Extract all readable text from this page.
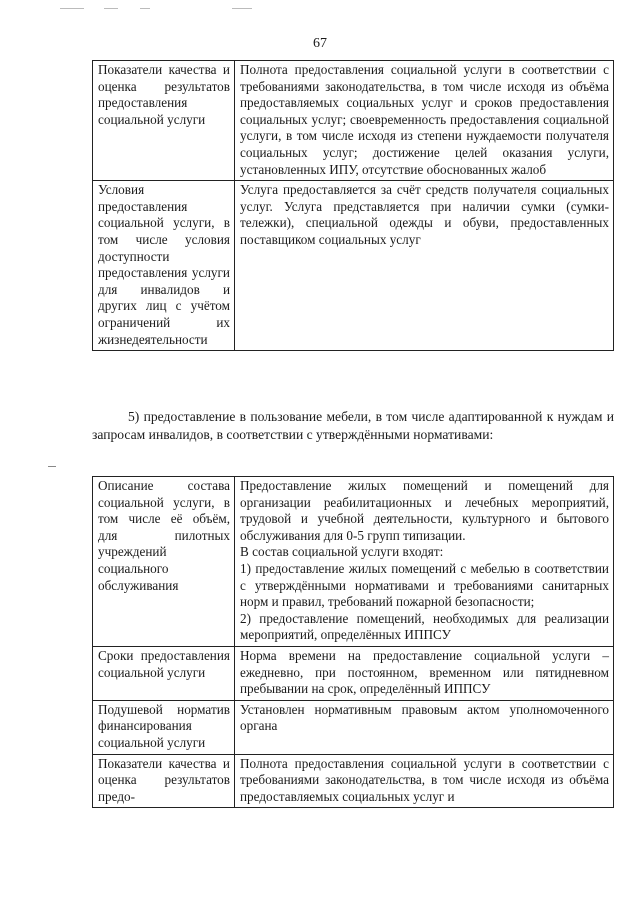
67
Показатели качества и оценка результатов предоставления социальной услуги	Полнота предоставления социальной услуги в соответствии с требованиями законодательства, в том числе исходя из объёма предоставляемых социальных услуг и сроков предоставления социальных услуг; своевременность предоставления социальной услуги, в том числе исходя из степени нуждаемости получателя социальных услуг; достижение целей оказания услуги, установленных ИПУ, отсутствие обоснованных жалоб
Условия предоставления социальной услуги, в том числе условия доступности предоставления услуги для инвалидов и других лиц с учётом ограничений их жизнедеятельности	Услуга предоставляется за счёт средств получателя социальных услуг. Услуга представляется при наличии сумки (сумки-тележки), специальной одежды и обуви, предоставленных поставщиком социальных услуг
5) предоставление в пользование мебели, в том числе адаптированной к нуждам и запросам инвалидов, в соответствии с утверждёнными нормативами:
Описание состава социальной услуги, в том числе её объём, для пилотных учреждений социального обслуживания	Предоставление жилых помещений и помещений для организации реабилитационных и лечебных мероприятий, трудовой и учебной деятельности, культурного и бытового обслуживания для 0-5 групп типизации.
В состав социальной услуги входят:
1) предоставление жилых помещений с мебелью в соответствии с утверждёнными нормативами и требованиями санитарных норм и правил, требований пожарной безопасности;
2) предоставление помещений, необходимых для реализации мероприятий, определённых ИППСУ

Сроки предоставления социальной услуги	Норма времени на предоставление социальной услуги – ежедневно, при постоянном, временном или пятидневном пребывании на срок, определённый ИППСУ
Подушевой норматив финансирования социальной услуги	Установлен нормативным правовым актом уполномоченного органа
Показатели качества и оценка результатов предо-	Полнота предоставления социальной услуги в соответствии с требованиями законодательства, в том числе исходя из объёма предоставляемых социальных услуг и
